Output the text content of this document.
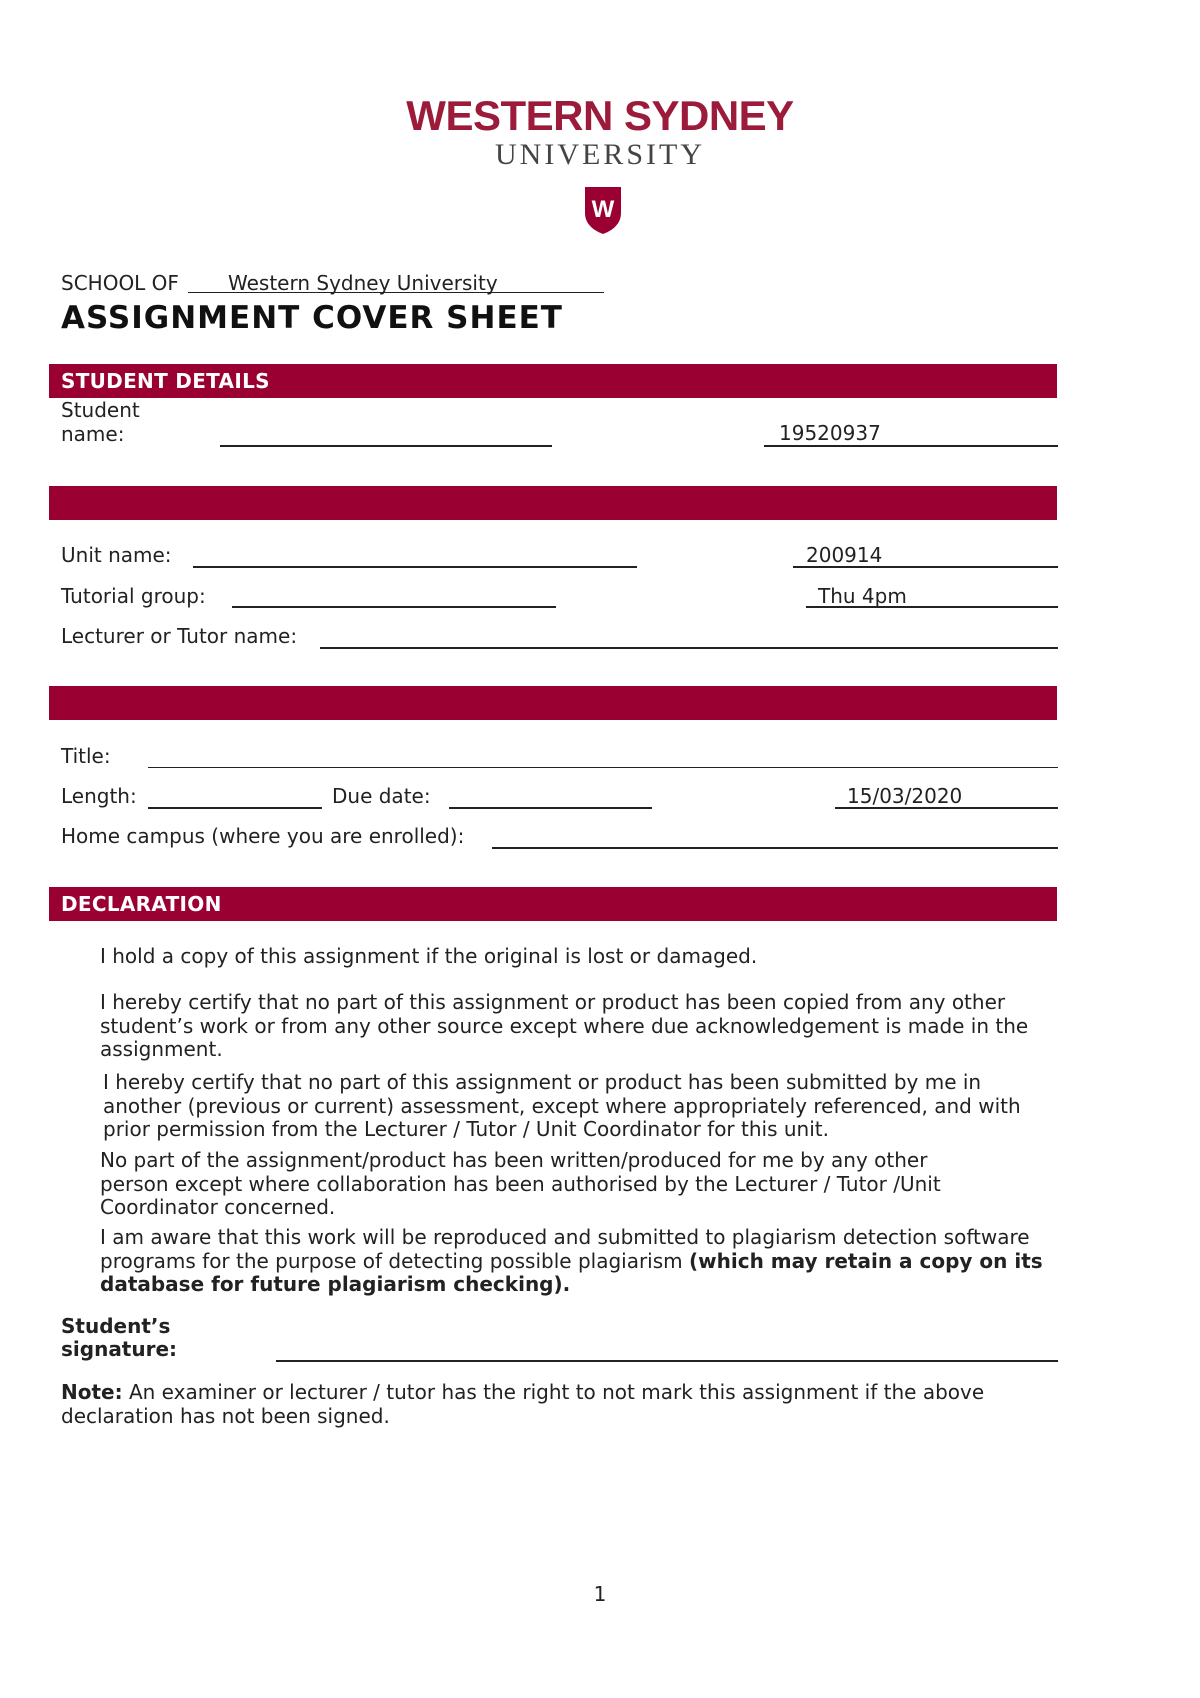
WESTERN SYDNEY
UNIVERSITY
W
SCHOOL OF Western Sydney University
ASSIGNMENT COVER SHEET
STUDENT DETAILS
Student
name:	19520937
Unit name:	200914
Tutorial group:	Thu 4pm
Lecturer or Tutor name:
Title:
Length:	Due date:	15/03/2020
Home campus (where you are enrolled):
DECLARATION
I hold a copy of this assignment if the original is lost or damaged.
I hereby certify that no part of this assignment or product has been copied from any other student’s work or from any other source except where due acknowledgement is made in the assignment.
I hereby certify that no part of this assignment or product has been submitted by me in another (previous or current) assessment, except where appropriately referenced, and with prior permission from the Lecturer / Tutor / Unit Coordinator for this unit.
No part of the assignment/product has been written/produced for me by any other person except where collaboration has been authorised by the Lecturer / Tutor /Unit Coordinator concerned.
I am aware that this work will be reproduced and submitted to plagiarism detection software programs for the purpose of detecting possible plagiarism (which may retain a copy on its database for future plagiarism checking).
Student’s
signature:
Note: An examiner or lecturer / tutor has the right to not mark this assignment if the above declaration has not been signed.
1
